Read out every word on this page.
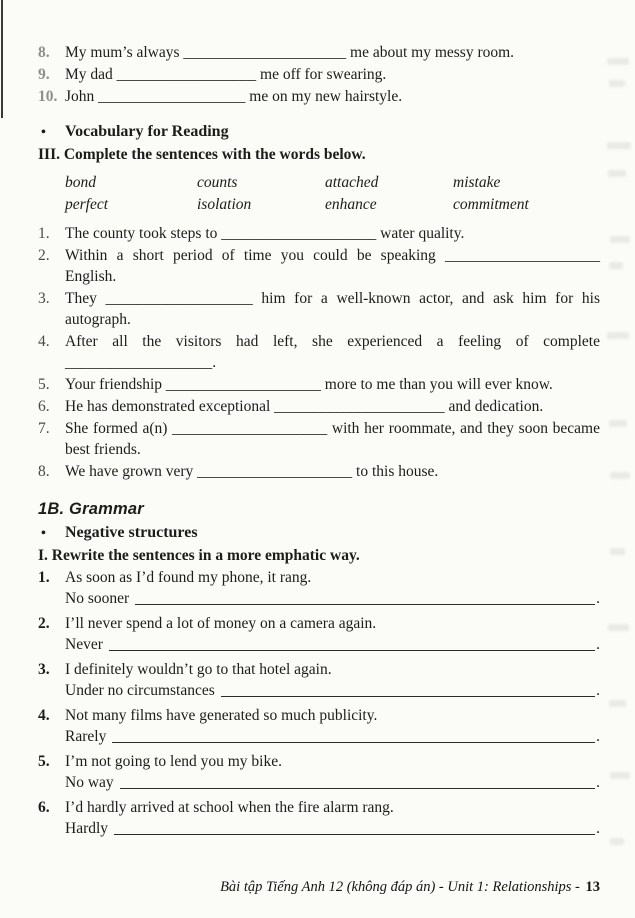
8. My mum’s always _____________________ me about my messy room.
9. My dad __________________ me off for swearing.
10. John ___________________ me on my new hairstyle.
•	Vocabulary for Reading
III. Complete the sentences with the words below.
bond	counts	attached	mistake
perfect	isolation	enhance	commitment
1. The county took steps to ____________________ water quality.
2. Within a short period of time you could be speaking ____________________ English.
3. They ___________________ him for a well-known actor, and ask him for his autograph.
4. After all the visitors had left, she experienced a feeling of complete ___________________.
5. Your friendship ____________________ more to me than you will ever know.
6. He has demonstrated exceptional ______________________ and dedication.
7. She formed a(n) ____________________ with her roommate, and they soon became best friends.
8. We have grown very ____________________ to this house.
1B. Grammar
•	Negative structures
I. Rewrite the sentences in a more emphatic way.
1. As soon as I’d found my phone, it rang.
No sooner	.
2. I’ll never spend a lot of money on a camera again.
Never	.
3. I definitely wouldn’t go to that hotel again.
Under no circumstances	.
4. Not many films have generated so much publicity.
Rarely	.
5. I’m not going to lend you my bike.
No way	.
6. I’d hardly arrived at school when the fire alarm rang.
Hardly	.
Bài tập Tiếng Anh 12 (không đáp án) - Unit 1: Relationships - 13
